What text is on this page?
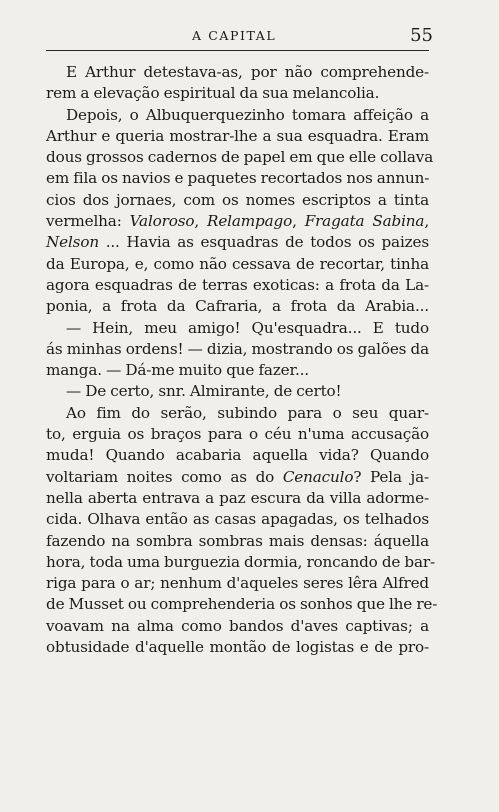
A CAPITAL	55
E Arthur detestava-as, por não comprehende-
rem a elevação espiritual da sua melancolia.
Depois, o Albuquerquezinho tomara affeição a
Arthur e queria mostrar-lhe a sua esquadra. Eram
dous grossos cadernos de papel em que elle collava
em fila os navios e paquetes recortados nos annun-
cios dos jornaes, com os nomes escriptos a tinta
vermelha: Valoroso, Relampago, Fragata Sabina,
Nelson ... Havia as esquadras de todos os paizes
da Europa, e, como não cessava de recortar, tinha
agora esquadras de terras exoticas: a frota da La-
ponia, a frota da Cafraria, a frota da Arabia...
— Hein, meu amigo! Qu'esquadra... E tudo
ás minhas ordens! — dizia, mostrando os galões da
manga. — Dá-me muito que fazer...
— De certo, snr. Almirante, de certo!
Ao fim do serão, subindo para o seu quar-
to, erguia os braços para o céu n'uma accusação
muda! Quando acabaria aquella vida? Quando
voltariam noites como as do Cenaculo? Pela ja-
nella aberta entrava a paz escura da villa adorme-
cida. Olhava então as casas apagadas, os telhados
fazendo na sombra sombras mais densas: áquella
hora, toda uma burguezia dormia, roncando de bar-
riga para o ar; nenhum d'aqueles seres lêra Alfred
de Musset ou comprehenderia os sonhos que lhe re-
voavam na alma como bandos d'aves captivas; a
obtusidade d'aquelle montão de logistas e de pro-
